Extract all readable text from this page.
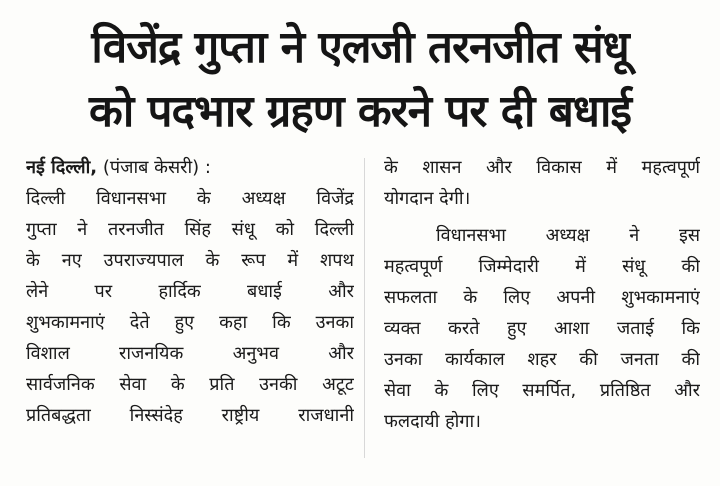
विजेंद्र गुप्ता ने एलजी तरनजीत संधू
को पदभार ग्रहण करने पर दी बधाई
नई दिल्ली, (पंजाब केसरी) :
दिल्ली विधानसभा के अध्यक्ष विजेंद्र
गुप्ता ने तरनजीत सिंह संधू को दिल्ली
के नए उपराज्यपाल के रूप में शपथ
लेने पर हार्दिक बधाई और
शुभकामनाएं देते हुए कहा कि उनका
विशाल राजनयिक अनुभव और
सार्वजनिक सेवा के प्रति उनकी अटूट
प्रतिबद्धता निस्संदेह राष्ट्रीय राजधानी
के शासन और विकास में महत्वपूर्ण
योगदान देगी।
विधानसभा अध्यक्ष ने इस
महत्वपूर्ण जिम्मेदारी में संधू की
सफलता के लिए अपनी शुभकामनाएं
व्यक्त करते हुए आशा जताई कि
उनका कार्यकाल शहर की जनता की
सेवा के लिए समर्पित, प्रतिष्ठित और
फलदायी होगा।
